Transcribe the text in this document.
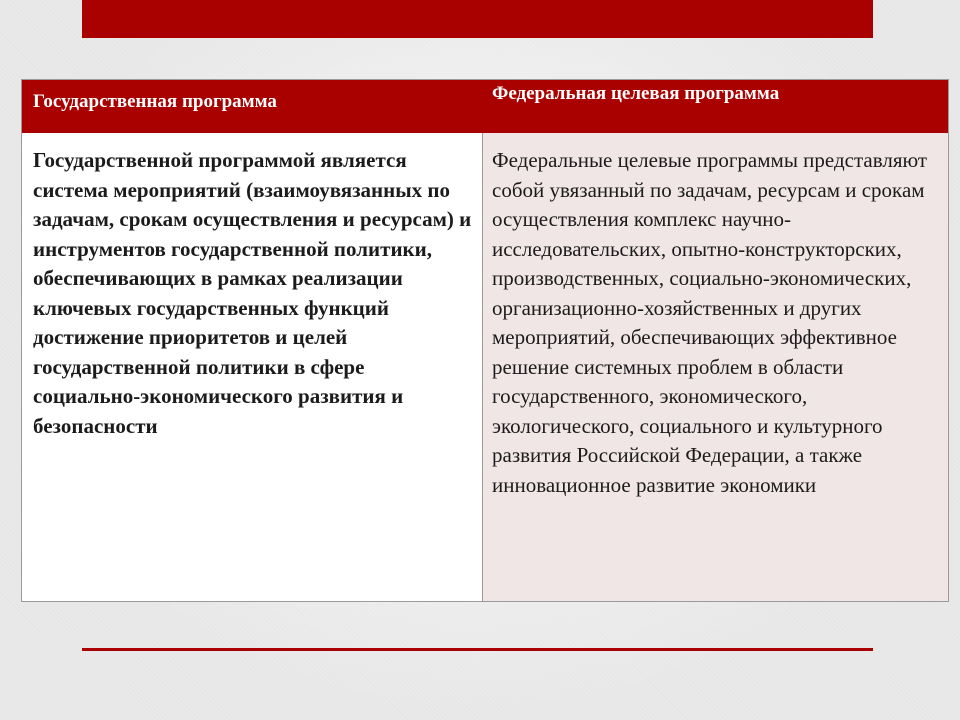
Государственная программа	Федеральная целевая программа
Государственной программой является система мероприятий (взаимоувязанных по задачам, срокам осуществления и ресурсам) и инструментов государственной политики, обеспечивающих в рамках реализации ключевых государственных функций достижение приоритетов и целей государственной политики в сфере социально-экономического развития и безопасности
Федеральные целевые программы представляют собой увязанный по задачам, ресурсам и срокам осуществления комплекс научно-исследовательских, опытно-конструкторских, производственных, социально-экономических, организационно-хозяйственных и других мероприятий, обеспечивающих эффективное решение системных проблем в области государственного, экономического, экологического, социального и культурного развития Российской Федерации, а также инновационное развитие экономики
